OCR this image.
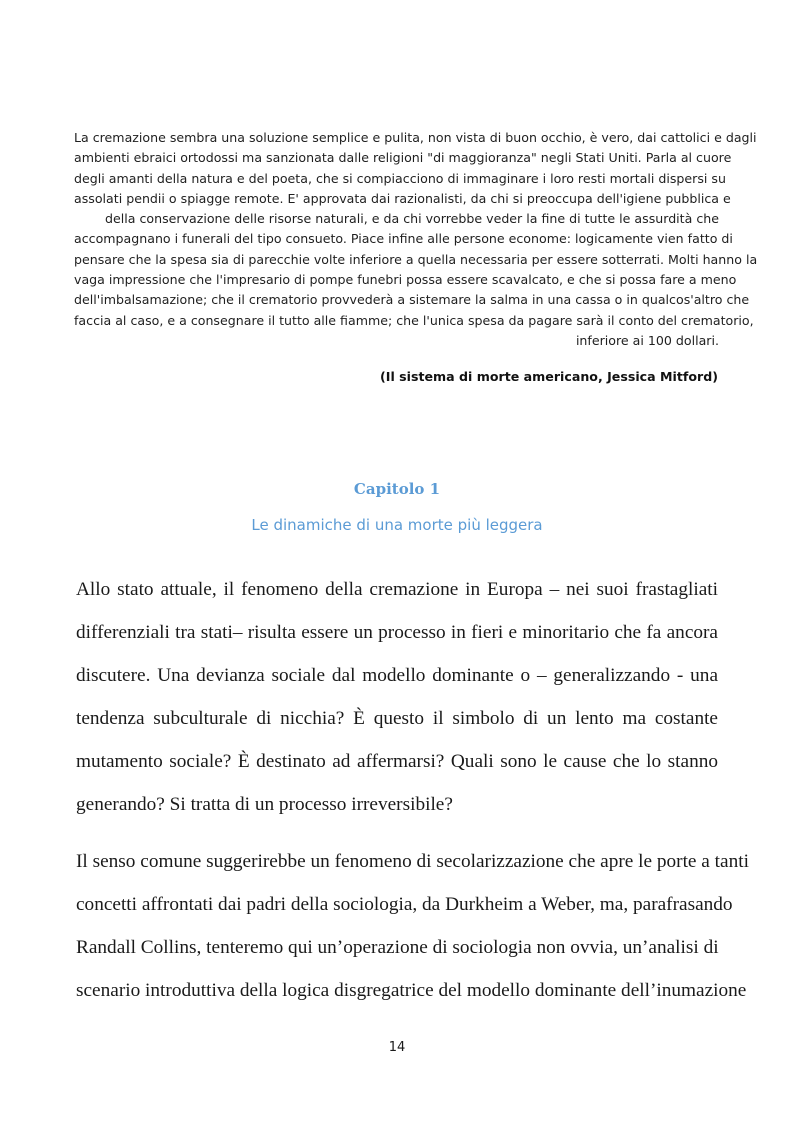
La cremazione sembra una soluzione semplice e pulita, non vista di buon occhio, è vero, dai cattolici e dagli
ambienti ebraici ortodossi ma sanzionata dalle religioni "di maggioranza" negli Stati Uniti. Parla al cuore
degli amanti della natura e del poeta, che si compiacciono di immaginare i loro resti mortali dispersi su
assolati pendii o spiagge remote. E' approvata dai razionalisti, da chi si preoccupa dell'igiene pubblica e
della conservazione delle risorse naturali, e da chi vorrebbe veder la fine di tutte le assurdità che
accompagnano i funerali del tipo consueto. Piace infine alle persone econome: logicamente vien fatto di
pensare che la spesa sia di parecchie volte inferiore a quella necessaria per essere sotterrati. Molti hanno la
vaga impressione che l'impresario di pompe funebri possa essere scavalcato, e che si possa fare a meno
dell'imbalsamazione; che il crematorio provvederà a sistemare la salma in una cassa o in qualcos'altro che
faccia al caso, e a consegnare il tutto alle fiamme; che l'unica spesa da pagare sarà il conto del crematorio,
inferiore ai 100 dollari.
(Il sistema di morte americano, Jessica Mitford)
Capitolo 1
Le dinamiche di una morte più leggera
Allo stato attuale, il fenomeno della cremazione in Europa – nei suoi frastagliati
differenziali tra stati– risulta essere un processo in fieri e minoritario che fa ancora
discutere. Una devianza sociale dal modello dominante o – generalizzando - una
tendenza subculturale di nicchia? È questo il simbolo di un lento ma costante
mutamento sociale? È destinato ad affermarsi? Quali sono le cause che lo stanno
generando? Si tratta di un processo irreversibile?
Il senso comune suggerirebbe un fenomeno di secolarizzazione che apre le porte a tanti
concetti affrontati dai padri della sociologia, da Durkheim a Weber, ma, parafrasando
Randall Collins, tenteremo qui un’operazione di sociologia non ovvia, un’analisi di
scenario introduttiva della logica disgregatrice del modello dominante dell’inumazione
14
